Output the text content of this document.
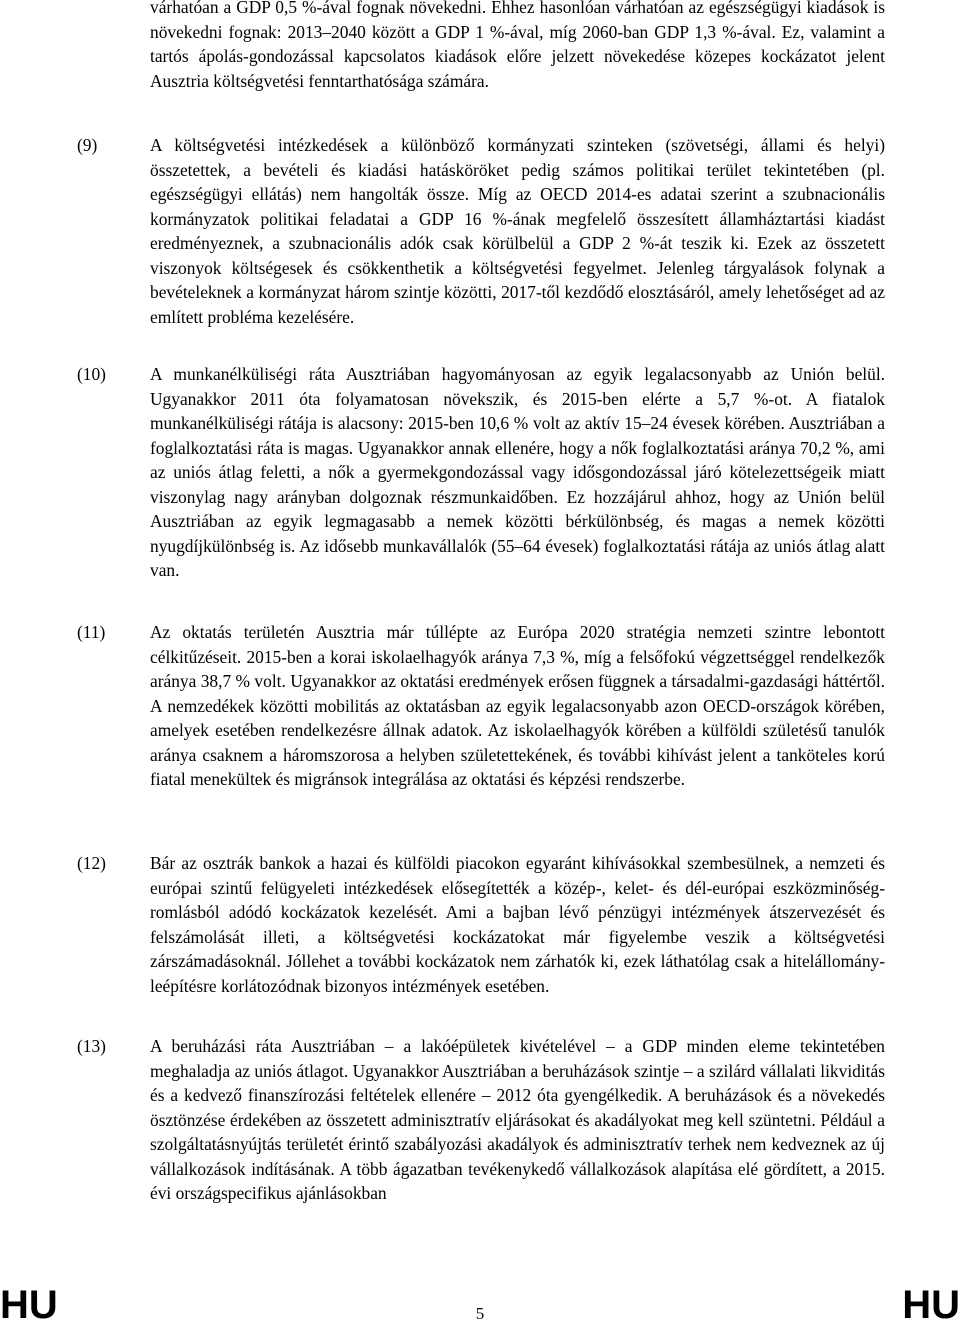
várhatóan a GDP 0,5 %-ával fognak növekedni. Ehhez hasonlóan várhatóan az egészségügyi kiadások is növekedni fognak: 2013–2040 között a GDP 1 %-ával, míg 2060-ban GDP 1,3 %-ával. Ez, valamint a tartós ápolás-gondozással kapcsolatos kiadások előre jelzett növekedése közepes kockázatot jelent Ausztria költségvetési fenntarthatósága számára.

(9)	A költségvetési intézkedések a különböző kormányzati szinteken (szövetségi, állami és helyi) összetettek, a bevételi és kiadási hatásköröket pedig számos politikai terület tekintetében (pl. egészségügyi ellátás) nem hangolták össze. Míg az OECD 2014-es adatai szerint a szubnacionális kormányzatok politikai feladatai a GDP 16 %-ának megfelelő összesített államháztartási kiadást eredményeznek, a szubnacionális adók csak körülbelül a GDP 2 %-át teszik ki. Ezek az összetett viszonyok költségesek és csökkenthetik a költségvetési fegyelmet. Jelenleg tárgyalások folynak a bevételeknek a kormányzat három szintje közötti, 2017-től kezdődő elosztásáról, amely lehetőséget ad az említett probléma kezelésére.

(10)	A munkanélküliségi ráta Ausztriában hagyományosan az egyik legalacsonyabb az Unión belül. Ugyanakkor 2011 óta folyamatosan növekszik, és 2015-ben elérte a 5,7 %-ot. A fiatalok munkanélküliségi rátája is alacsony: 2015-ben 10,6 % volt az aktív 15–24 évesek körében. Ausztriában a foglalkoztatási ráta is magas. Ugyanakkor annak ellenére, hogy a nők foglalkoztatási aránya 70,2 %, ami az uniós átlag feletti, a nők a gyermekgondozással vagy idősgondozással járó kötelezettségeik miatt viszonylag nagy arányban dolgoznak részmunkaidőben. Ez hozzájárul ahhoz, hogy az Unión belül Ausztriában az egyik legmagasabb a nemek közötti bérkülönbség, és magas a nemek közötti nyugdíjkülönbség is. Az idősebb munkavállalók (55–64 évesek) foglalkoztatási rátája az uniós átlag alatt van.

(11)	Az oktatás területén Ausztria már túllépte az Európa 2020 stratégia nemzeti szintre lebontott célkitűzéseit. 2015-ben a korai iskolaelhagyók aránya 7,3 %, míg a felsőfokú végzettséggel rendelkezők aránya 38,7 % volt. Ugyanakkor az oktatási eredmények erősen függnek a társadalmi-gazdasági háttértől. A nemzedékek közötti mobilitás az oktatásban az egyik legalacsonyabb azon OECD-országok körében, amelyek esetében rendelkezésre állnak adatok. Az iskolaelhagyók körében a külföldi születésű tanulók aránya csaknem a háromszorosa a helyben születettekének, és további kihívást jelent a tanköteles korú fiatal menekültek és migránsok integrálása az oktatási és képzési rendszerbe.

(12)	Bár az osztrák bankok a hazai és külföldi piacokon egyaránt kihívásokkal szembesülnek, a nemzeti és európai szintű felügyeleti intézkedések elősegítették a közép-, kelet- és dél-európai eszközminőség-romlásból adódó kockázatok kezelését. Ami a bajban lévő pénzügyi intézmények átszervezését és felszámolását illeti, a költségvetési kockázatokat már figyelembe veszik a költségvetési zárszámadásoknál. Jóllehet a további kockázatok nem zárhatók ki, ezek láthatólag csak a hitelállomány-leépítésre korlátozódnak bizonyos intézmények esetében.

(13)	A beruházási ráta Ausztriában – a lakóépületek kivételével – a GDP minden eleme tekintetében meghaladja az uniós átlagot. Ugyanakkor Ausztriában a beruházások szintje – a szilárd vállalati likviditás és a kedvező finanszírozási feltételek ellenére – 2012 óta gyengélkedik. A beruházások és a növekedés ösztönzése érdekében az összetett adminisztratív eljárásokat és akadályokat meg kell szüntetni. Például a szolgáltatásnyújtás területét érintő szabályozási akadályok és adminisztratív terhek nem kedveznek az új vállalkozások indításának. A több ágazatban tevékenykedő vállalkozások alapítása elé gördített, a 2015. évi országspecifikus ajánlásokban

HU	5	HU
